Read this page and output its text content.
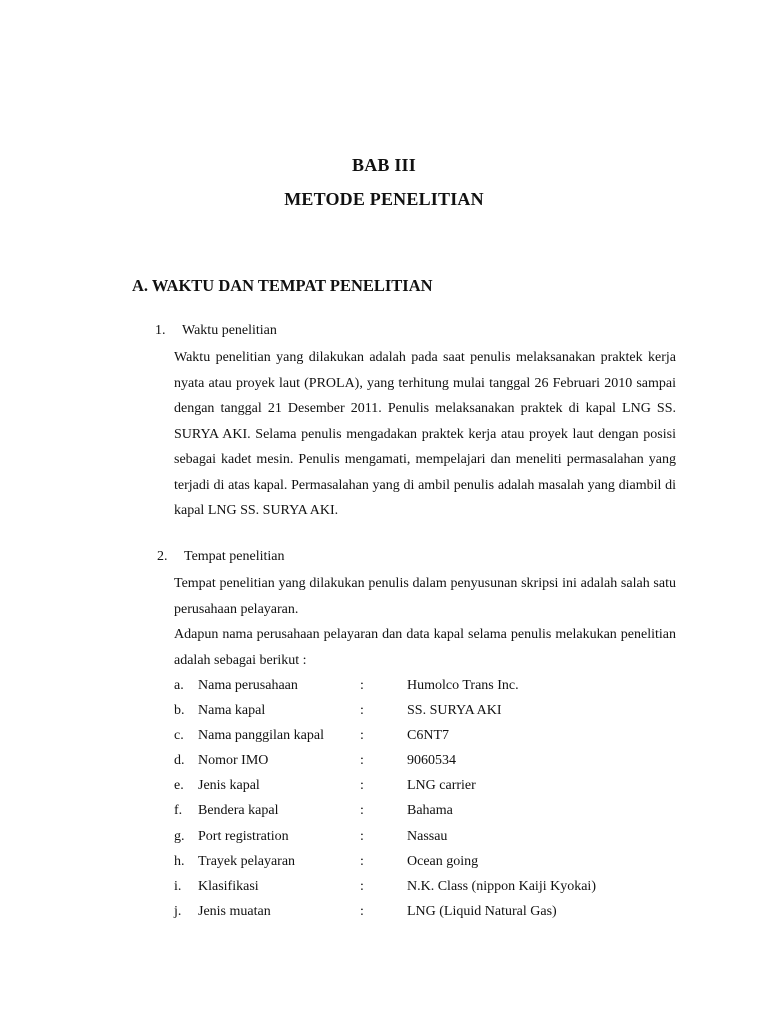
BAB III
METODE PENELITIAN
A. WAKTU DAN TEMPAT PENELITIAN
1. Waktu penelitian

Waktu penelitian yang dilakukan adalah pada saat penulis melaksanakan praktek kerja nyata atau proyek laut (PROLA), yang terhitung mulai tanggal 26 Februari 2010 sampai dengan tanggal 21 Desember 2011. Penulis melaksanakan praktek di kapal LNG SS. SURYA AKI. Selama penulis mengadakan praktek kerja atau proyek laut dengan posisi sebagai kadet mesin. Penulis mengamati, mempelajari dan meneliti permasalahan yang terjadi di atas kapal. Permasalahan yang di ambil penulis adalah masalah yang diambil di kapal LNG SS. SURYA AKI.

2. Tempat penelitian

Tempat penelitian yang dilakukan penulis dalam penyusunan skripsi ini adalah salah satu perusahaan pelayaran.

Adapun nama perusahaan pelayaran dan data kapal selama penulis melakukan penelitian adalah sebagai berikut :

a. Nama perusahaan	:	Humolco Trans Inc.
b. Nama kapal	:	SS. SURYA AKI
c. Nama panggilan kapal	:	C6NT7
d. Nomor IMO	:	9060534
e. Jenis kapal	:	LNG carrier
f. Bendera kapal	:	Bahama
g. Port registration	:	Nassau
h. Trayek pelayaran	:	Ocean going
i. Klasifikasi	:	N.K. Class (nippon Kaiji Kyokai)
j. Jenis muatan	:	LNG (Liquid Natural Gas)
